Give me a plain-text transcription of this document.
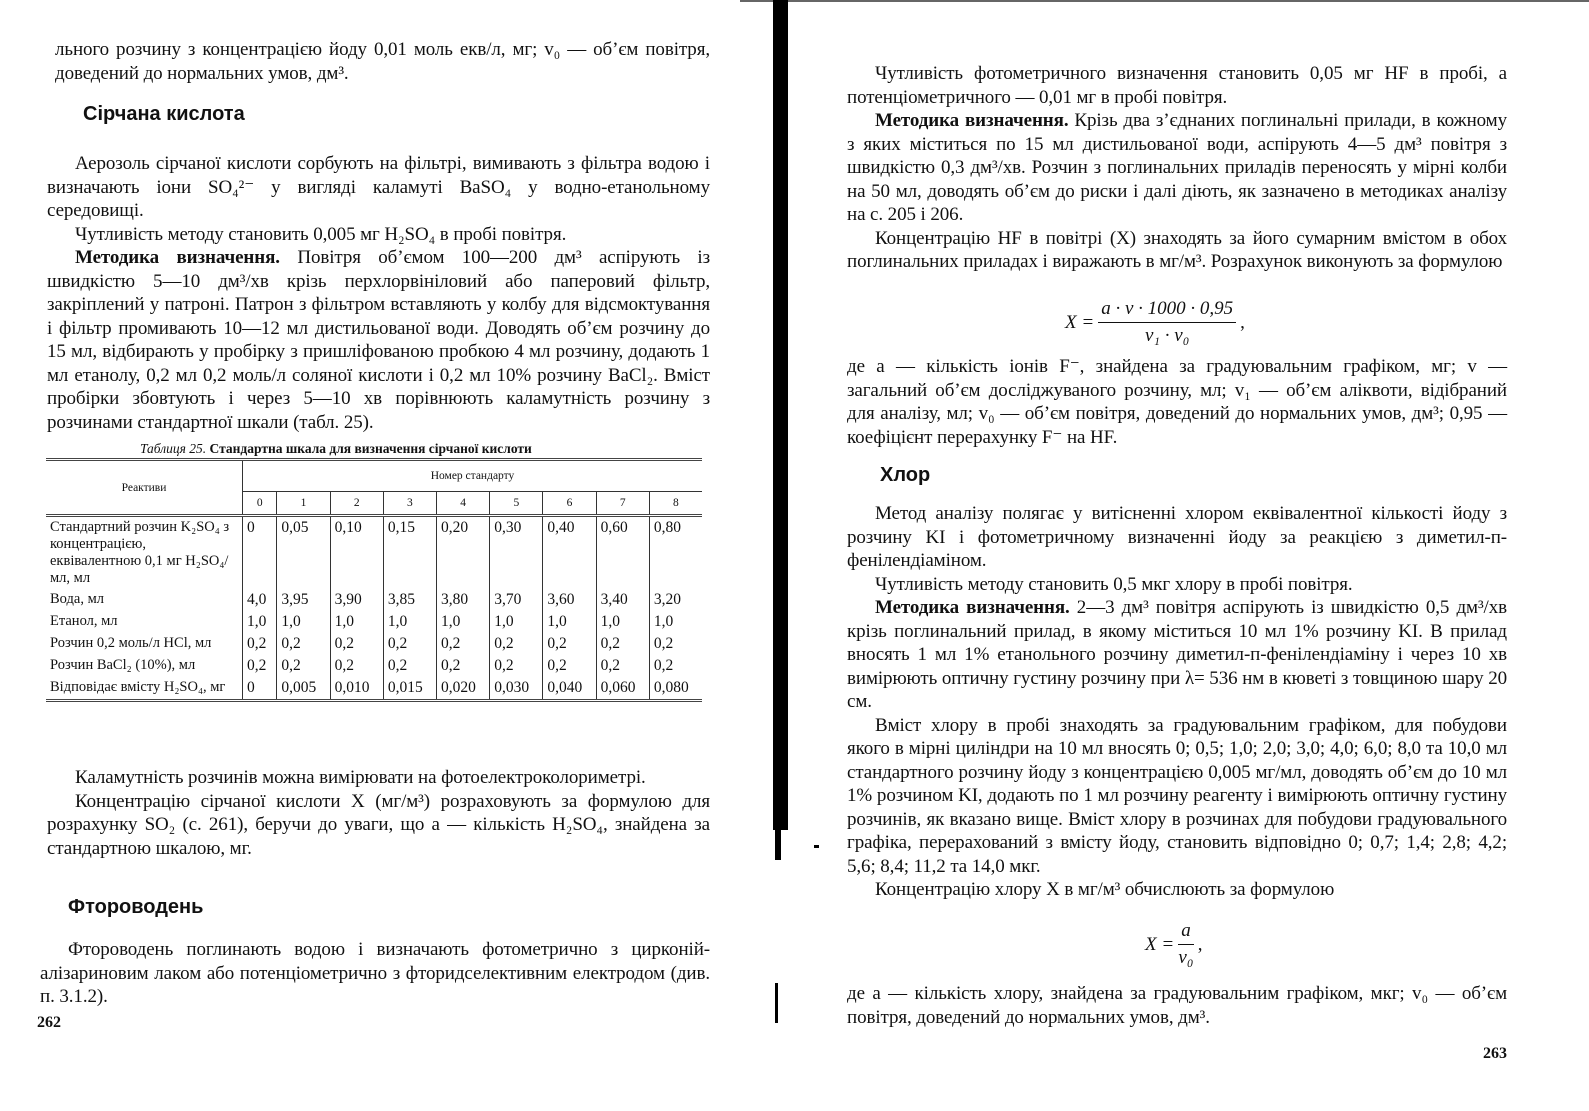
льного розчину з концентрацією йоду 0,01 моль екв/л, мг; v₀ — об’єм повітря, доведений до нормальних умов, дм³.

Сірчана кислота

Аерозоль сірчаної кислоти сорбують на фільтрі, вимивають з фільтра водою і визначають іони SO₄²⁻ у вигляді каламуті BaSO₄ у водно-етанольному середовищі.

Чутливість методу становить 0,005 мг H₂SO₄ в пробі повітря.

Методика визначення. Повітря об’ємом 100—200 дм³ аспірують із швидкістю 5—10 дм³/хв крізь перхлорвініловий або паперовий фільтр, закріплений у патроні. Патрон з фільтром вставляють у колбу для відсмоктування і фільтр промивають 10—12 мл дистильованої води. Доводять об’єм розчину до 15 мл, відбирають у пробірку з пришліфованою пробкою 4 мл розчину, додають 1 мл етанолу, 0,2 мл 0,2 моль/л соляної кислоти і 0,2 мл 10% розчину BaCl₂. Вміст пробірки збовтують і через 5—10 хв порівнюють каламутність розчину з розчинами стандартної шкали (табл. 25).

Таблиця 25. Стандартна шкала для визначення сірчаної кислоти
Реактиви	Номер стандарту								
	0	1	2	3	4	5	6	7	8
Стандартний розчин K₂SO₄ з концентрацією, еквівалентною 0,1 мг H₂SO₄/мл, мл	0	0,05	0,10	0,15	0,20	0,30	0,40	0,60	0,80
Вода, мл	4,0	3,95	3,90	3,85	3,80	3,70	3,60	3,40	3,20
Етанол, мл	1,0	1,0	1,0	1,0	1,0	1,0	1,0	1,0	1,0
Розчин 0,2 моль/л HCl, мл	0,2	0,2	0,2	0,2	0,2	0,2	0,2	0,2	0,2
Розчин BaCl₂ (10%), мл	0,2	0,2	0,2	0,2	0,2	0,2	0,2	0,2	0,2
Відповідає вмісту H₂SO₄, мг	0	0,005	0,010	0,015	0,020	0,030	0,040	0,060	0,080

Каламутність розчинів можна вимірювати на фотоелектроколориметрі.

Концентрацію сірчаної кислоти X (мг/м³) розраховують за формулою для розрахунку SO₂ (с. 261), беручи до уваги, що a — кількість H₂SO₄, знайдена за стандартною шкалою, мг.

Фтороводень

Фтороводень поглинають водою і визначають фотометрично з цирконій-алізариновим лаком або потенціометрично з фторидселективним електродом (див. п. 3.1.2).

262

Чутливість фотометричного визначення становить 0,05 мг HF в пробі, а потенціометричного — 0,01 мг в пробі повітря.

Методика визначення. Крізь два з’єднаних поглинальні прилади, в кожному з яких міститься по 15 мл дистильованої води, аспірують 4—5 дм³ повітря з швидкістю 0,3 дм³/хв. Розчин з поглинальних приладів переносять у мірні колби на 50 мл, доводять об’єм до риски і далі діють, як зазначено в методиках аналізу на с. 205 і 206.

Концентрацію HF в повітрі (X) знаходять за його сумарним вмістом в обох поглинальних приладах і виражають в мг/м³. Розрахунок виконують за формулою

$X = \frac{a \cdot v \cdot 1000 \cdot 0,95}{\text{v₁ · v₀}}$ ,

де a — кількість іонів F⁻, знайдена за градуювальним графіком, мг; v — загальний об’єм досліджуваного розчину, мл; v₁ — об’єм аліквоти, відібраний для аналізу, мл; v₀ — об’єм повітря, доведений до нормальних умов, дм³; 0,95 — коефіцієнт перерахунку F⁻ на HF.

Хлор

Метод аналізу полягає у витісненні хлором еквівалентної кількості йоду з розчину KI і фотометричному визначенні йоду за реакцією з диметил-п-фенілендіаміном.

Чутливість методу становить 0,5 мкг хлору в пробі повітря.

Методика визначення. 2—3 дм³ повітря аспірують із швидкістю 0,5 дм³/хв крізь поглинальний прилад, в якому міститься 10 мл 1% розчину KI. В прилад вносять 1 мл 1% етанольного розчину диметил-п-фенілендіаміну і через 10 хв вимірюють оптичну густину розчину при λ= 536 нм в кюветі з товщиною шару 20 см.

Вміст хлору в пробі знаходять за градуювальним графіком, для побудови якого в мірні циліндри на 10 мл вносять 0; 0,5; 1,0; 2,0; 3,0; 4,0; 6,0; 8,0 та 10,0 мл стандартного розчину йоду з концентрацією 0,005 мг/мл, доводять об’єм до 10 мл 1% розчином KI, додають по 1 мл розчину реагенту і вимірюють оптичну густину розчинів, як вказано вище. Вміст хлору в розчинах для побудови градуювального графіка, перерахований з вмісту йоду, становить відповідно 0; 0,7; 1,4; 2,8; 4,2; 5,6; 8,4; 11,2 та 14,0 мкг.

Концентрацію хлору X в мг/м³ обчислюють за формулою

$X = \frac{a}{\text{v₀}}$ ,

де a — кількість хлору, знайдена за градуювальним графіком, мкг; v₀ — об’єм повітря, доведений до нормальних умов, дм³.

263
